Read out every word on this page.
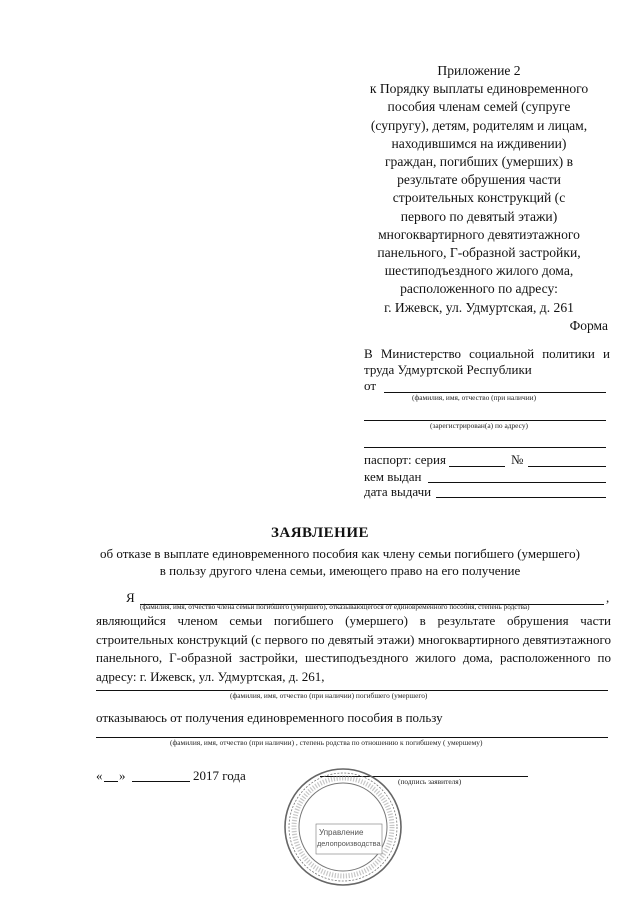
Приложение 2
к Порядку выплаты единовременного
пособия членам семей (супруге
(супругу), детям, родителям и лицам,
находившимся на иждивении)
граждан, погибших (умерших) в
результате обрушения части
строительных конструкций (с
первого по девятый этажи)
многоквартирного девятиэтажного
панельного, Г-образной застройки,
шестиподъездного жилого дома,
расположенного по адресу:
г. Ижевск, ул. Удмуртская, д. 261
Форма
В Министерство социальной политики и
труда Удмуртской Республики
от
(фамилия, имя, отчество (при наличии)
(зарегистрирован(а) по адресу)
паспорт: серия	№
кем выдан
дата выдачи
ЗАЯВЛЕНИЕ
об отказе в выплате единовременного пособия как члену семьи погибшего (умершего) в пользу другого члена семьи, имеющего право на его получение
Я	,
(фамилия, имя, отчество члена семьи погибшего (умершего), отказывающегося от единовременного пособия, степень родства)
являющийся членом семьи погибшего (умершего) в результате обрушения части строительных конструкций (с первого по девятый этажи) многоквартирного девятиэтажного панельного, Г-образной застройки, шестиподъездного жилого дома, расположенного по адресу: г. Ижевск, ул. Удмуртская, д. 261,
(фамилия, имя, отчество (при наличии) погибшего (умершего)
отказываюсь от получения единовременного пособия в пользу
(фамилия, имя, отчество (при наличии) , степень родства по отношению к погибшему ( умершему)
« »	2017 года	(подпись заявителя)
Управление
делопроизводства
